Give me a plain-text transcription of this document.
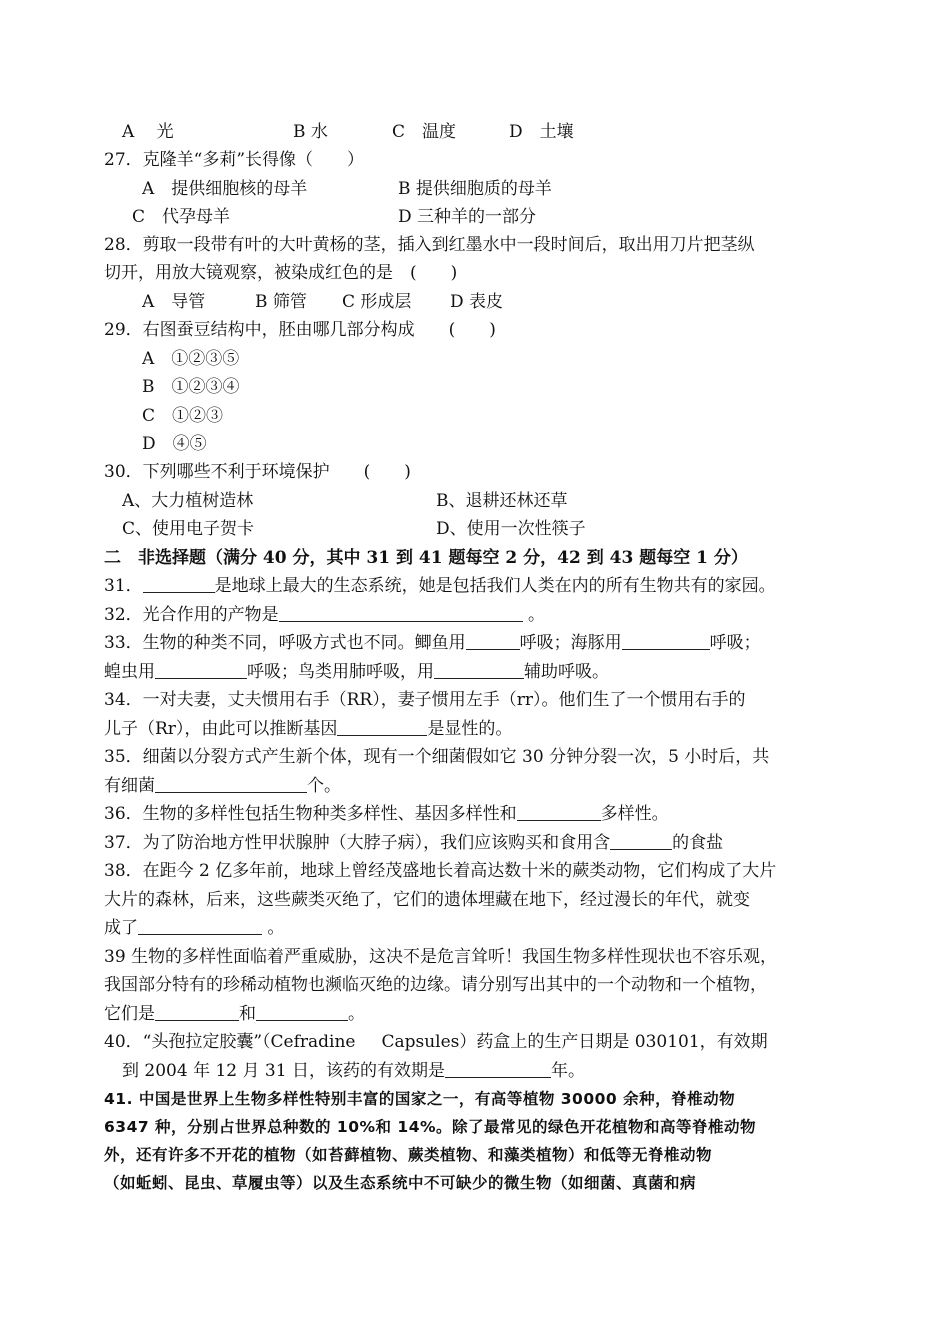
A　 光	B 水	C　温度	D　土壤
27．克隆羊“多莉”长得像（　　）
A　提供细胞核的母羊	B 提供细胞质的母羊
C　代孕母羊	D 三种羊的一部分
28．剪取一段带有叶的大叶黄杨的茎，插入到红墨水中一段时间后，取出用刀片把茎纵
切开，用放大镜观察，被染成红色的是　(　　)
A　导管	B 筛管 C 形成层 D 表皮
29．右图蚕豆结构中，胚由哪几部分构成　　(　　)
A　①②③⑤
B　①②③④
C　①②③
D　④⑤
30．下列哪些不利于环境保护　　(　　)
A、大力植树造林	B、退耕还林还草
C、使用电子贺卡	D、使用一次性筷子
二　非选择题（满分 40 分，其中 31 到 41 题每空 2 分，42 到 43 题每空 1 分）
31．	是地球上最大的生态系统，她是包括我们人类在内的所有生物共有的家园。
32．光合作用的产物是	。
33．生物的种类不同，呼吸方式也不同。鲫鱼用	呼吸；海豚用	呼吸；
蝗虫用	呼吸；鸟类用肺呼吸，用	辅助呼吸。
34．一对夫妻，丈夫惯用右手（RR），妻子惯用左手（rr）。他们生了一个惯用右手的
儿子（Rr），由此可以推断基因	是显性的。
35．细菌以分裂方式产生新个体，现有一个细菌假如它 30 分钟分裂一次，5 小时后，共
有细菌	个。
36．生物的多样性包括生物种类多样性、基因多样性和	多样性。
37．为了防治地方性甲状腺肿（大脖子病），我们应该购买和食用含	的食盐
38．在距今 2 亿多年前，地球上曾经茂盛地长着高达数十米的蕨类动物，它们构成了大片
大片的森林，后来，这些蕨类灭绝了，它们的遗体埋藏在地下，经过漫长的年代，就变
成了	。
39 生物的多样性面临着严重威胁，这决不是危言耸听！我国生物多样性现状也不容乐观，
我国部分特有的珍稀动植物也濒临灭绝的边缘。请分别写出其中的一个动物和一个植物，
它们是	和	。
40．“头孢拉定胶囊”（Cefradine Capsules）药盒上的生产日期是 030101，有效期
到 2004 年 12 月 31 日，该药的有效期是	年。
41. 中国是世界上生物多样性特别丰富的国家之一，有高等植物 30000 余种，脊椎动物
6347 种，分别占世界总种数的 10%和 14%。除了最常见的绿色开花植物和高等脊椎动物
外，还有许多不开花的植物（如苔藓植物、蕨类植物、和藻类植物）和低等无脊椎动物
（如蚯蚓、昆虫、草履虫等）以及生态系统中不可缺少的微生物（如细菌、真菌和病
